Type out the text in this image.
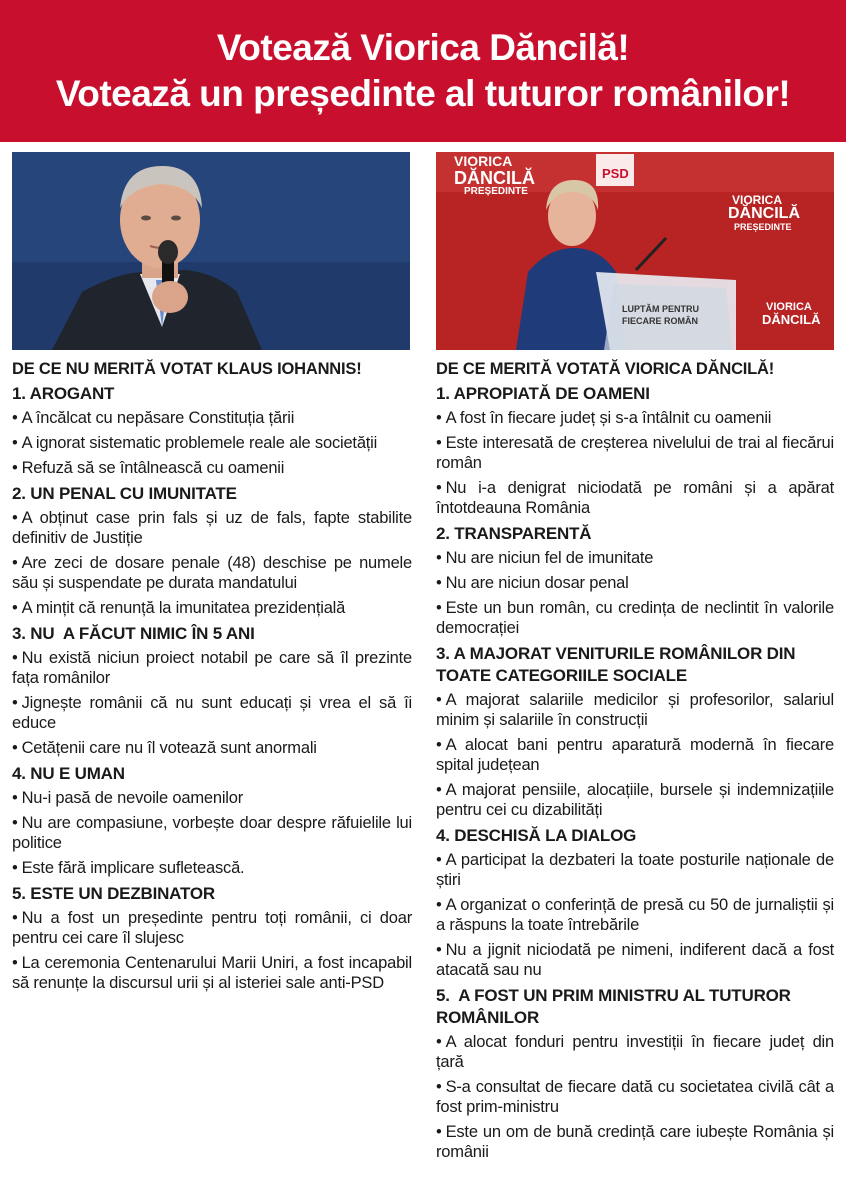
Votează Viorica Dăncilă!
Votează un președinte al tuturor românilor!
VIORICA
DĂNCILĂ
PREȘEDINTE
VIORICA
DĂNCILĂ
PREȘEDINTE
VIORICA
DĂNCILĂ
PSD
LUPTĂM PENTRU
FIECARE ROMÂN
DE CE NU MERITĂ VOTAT KLAUS IOHANNIS!
1. AROGANT
• A încălcat cu nepăsare Constituția țării
• A ignorat sistematic problemele reale ale societății
• Refuză să se întâlnească cu oamenii
2. UN PENAL CU IMUNITATE
• A obținut case prin fals și uz de fals, fapte stabilite definitiv de Justiție
• Are zeci de dosare penale (48) deschise pe numele său și suspendate pe durata mandatului
• A mințit că renunță la imunitatea prezidențială
3. NU  A FĂCUT NIMIC ÎN 5 ANI
• Nu există niciun proiect notabil pe care să îl prezinte fața românilor
• Jignește românii că nu sunt educați și vrea el să îi educe
• Cetățenii care nu îl votează sunt anormali
4. NU E UMAN
• Nu-i pasă de nevoile oamenilor
• Nu are compasiune, vorbește doar despre răfuielile lui politice
• Este fără implicare sufletească.
5. ESTE UN DEZBINATOR
• Nu a fost un președinte pentru toți românii, ci doar pentru cei care îl slujesc
• La ceremonia Centenarului Marii Uniri, a fost incapabil să renunțe la discursul urii și al isteriei sale anti-PSD
DE CE MERITĂ VOTATĂ VIORICA DĂNCILĂ!
1. APROPIATĂ DE OAMENI
• A fost în fiecare județ și s-a întâlnit cu oamenii
• Este interesată de creșterea nivelului de trai al fiecărui român
• Nu i-a denigrat niciodată pe români și a apărat întotdeauna România
2. TRANSPARENTĂ
• Nu are niciun fel de imunitate
• Nu are niciun dosar penal
• Este un bun român, cu credința de neclintit în valorile democrației
3. A MAJORAT VENITURILE ROMÂNILOR DIN TOATE CATEGORIILE SOCIALE
• A majorat salariile medicilor și profesorilor, salariul minim și salariile în construcții
• A alocat bani pentru aparatură modernă în fiecare spital județean
• A majorat pensiile, alocațiile, bursele și indemnizațiile pentru cei cu dizabilități
4. DESCHISĂ LA DIALOG
• A participat la dezbateri la toate posturile naționale de știri
• A organizat o conferință de presă cu 50 de jurnaliștii și a răspuns la toate întrebările
• Nu a jignit niciodată pe nimeni, indiferent dacă a fost atacată sau nu
5.  A FOST UN PRIM MINISTRU AL TUTUROR ROMÂNILOR
• A alocat fonduri pentru investiții în fiecare județ din țară
• S-a consultat de fiecare dată cu societatea civilă cât a fost prim-ministru
• Este un om de bună credință care iubește România și românii
